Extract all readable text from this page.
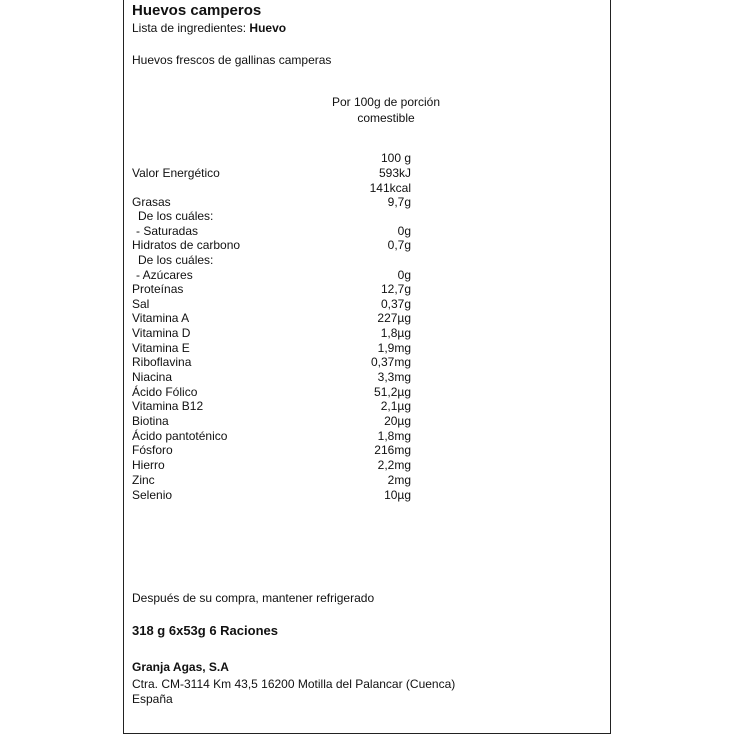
Huevos camperos
Lista de ingredientes: Huevo
Huevos frescos de gallinas camperas
Por 100g de porción
comestible
100 g
Valor Energético	593kJ
141kcal
Grasas	9,7g
De los cuáles:
- Saturadas	0g
Hidratos de carbono	0,7g
De los cuáles:
- Azúcares	0g
Proteínas	12,7g
Sal	0,37g
Vitamina A	227µg
Vitamina D	1,8µg
Vitamina E	1,9mg
Riboflavina	0,37mg
Niacina	3,3mg
Ácido Fólico	51,2µg
Vitamina B12	2,1µg
Biotina	20µg
Ácido pantoténico	1,8mg
Fósforo	216mg
Hierro	2,2mg
Zinc	2mg
Selenio	10µg
Después de su compra, mantener refrigerado
318 g 6x53g 6 Raciones
Granja Agas, S.A
Ctra. CM-3114 Km 43,5 16200 Motilla del Palancar (Cuenca)
España
